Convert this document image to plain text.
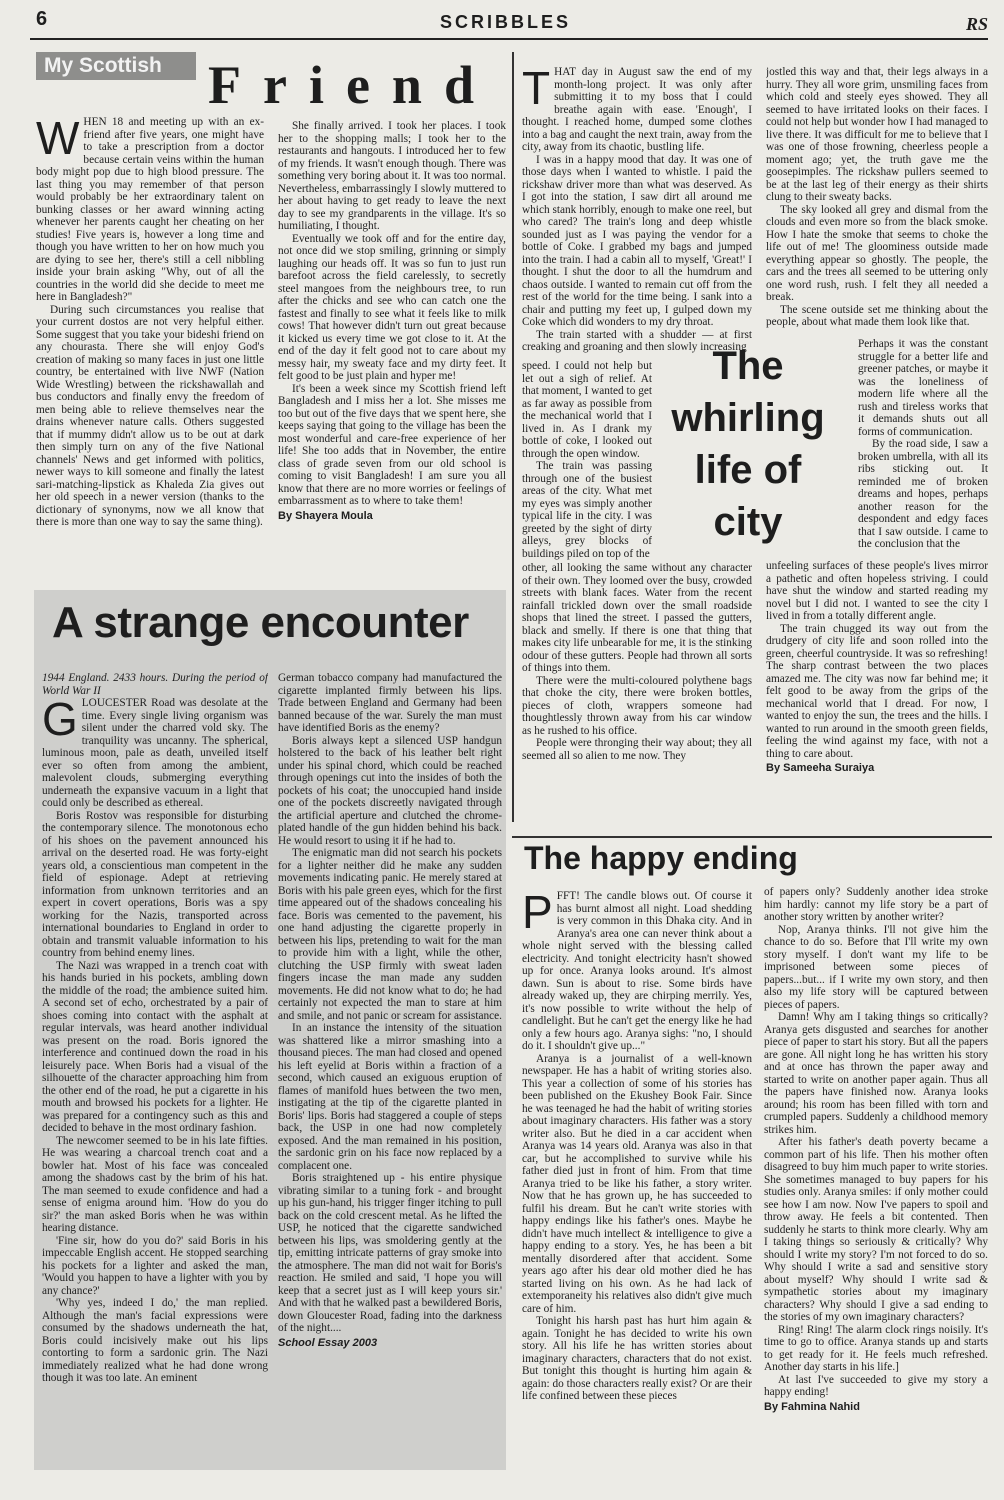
6	SCRIBBLES	RS
My Scottish Friend

WHEN 18 and meeting up with an ex-friend after five years, one might have to take a prescription from a doctor because certain veins within the human body might pop due to high blood pressure. The last thing you may remember of that person would probably be her extraordinary talent on bunking classes or her award winning acting whenever her parents caught her cheating on her studies! Five years is, however a long time and though you have written to her on how much you are dying to see her, there's still a cell nibbling inside your brain asking "Why, out of all the countries in the world did she decide to meet me here in Bangladesh?"

During such circumstances you realise that your current dostos are not very helpful either. Some suggest that you take your bideshi friend on any chourasta. There she will enjoy God's creation of making so many faces in just one little country, be entertained with live NWF (Nation Wide Wrestling) between the rickshawallah and bus conductors and finally envy the freedom of men being able to relieve themselves near the drains whenever nature calls. Others suggested that if mummy didn't allow us to be out at dark then simply turn on any of the five National channels' News and get informed with politics, newer ways to kill someone and finally the latest sari-matching-lipstick as Khaleda Zia gives out her old speech in a newer version (thanks to the dictionary of synonyms, now we all know that there is more than one way to say the same thing).

She finally arrived. I took her places. I took her to the shopping malls; I took her to the restaurants and hangouts. I introduced her to few of my friends. It wasn't enough though. There was something very boring about it. It was too normal. Nevertheless, embarrassingly I slowly muttered to her about having to get ready to leave the next day to see my grandparents in the village. It's so humiliating, I thought.

Eventually we took off and for the entire day, not once did we stop smiling, grinning or simply laughing our heads off. It was so fun to just run barefoot across the field carelessly, to secretly steel mangoes from the neighbours tree, to run after the chicks and see who can catch one the fastest and finally to see what it feels like to milk cows! That however didn't turn out great because it kicked us every time we got close to it. At the end of the day it felt good not to care about my messy hair, my sweaty face and my dirty feet. It felt good to be just plain and hyper me!

It's been a week since my Scottish friend left Bangladesh and I miss her a lot. She misses me too but out of the five days that we spent here, she keeps saying that going to the village has been the most wonderful and care-free experience of her life! She too adds that in November, the entire class of grade seven from our old school is coming to visit Bangladesh! I am sure you all know that there are no more worries or feelings of embarrassment as to where to take them!

By Shayera Moula

A strange encounter

1944 England. 2433 hours. During the period of World War II

GLOUCESTER Road was desolate at the time. Every single living organism was silent under the charred vold sky. The tranquility was uncanny. The spherical, luminous moon, pale as death, unveiled itself ever so often from among the ambient, malevolent clouds, submerging everything underneath the expansive vacuum in a light that could only be described as ethereal.

Boris Rostov was responsible for disturbing the contemporary silence. The monotonous echo of his shoes on the pavement announced his arrival on the deserted road. He was forty-eight years old, a conscientious man competent in the field of espionage. Adept at retrieving information from unknown territories and an expert in covert operations, Boris was a spy working for the Nazis, transported across international boundaries to England in order to obtain and transmit valuable information to his country from behind enemy lines.

The Nazi was wrapped in a trench coat with his hands buried in his pockets, ambling down the middle of the road; the ambience suited him. A second set of echo, orchestrated by a pair of shoes coming into contact with the asphalt at regular intervals, was heard another individual was present on the road. Boris ignored the interference and continued down the road in his leisurely pace. When Boris had a visual of the silhouette of the character approaching him from the other end of the road, he put a cigarette in his mouth and browsed his pockets for a lighter. He was prepared for a contingency such as this and decided to behave in the most ordinary fashion.

The newcomer seemed to be in his late fifties. He was wearing a charcoal trench coat and a bowler hat. Most of his face was concealed among the shadows cast by the brim of his hat. The man seemed to exude confidence and had a sense of enigma around him. 'How do you do sir?' the man asked Boris when he was within hearing distance.

'Fine sir, how do you do?' said Boris in his impeccable English accent. He stopped searching his pockets for a lighter and asked the man, 'Would you happen to have a lighter with you by any chance?'

'Why yes, indeed I do,' the man replied. Although the man's facial expressions were consumed by the shadows underneath the hat, Boris could incisively make out his lips contorting to form a sardonic grin. The Nazi immediately realized what he had done wrong though it was too late. An eminent

German tobacco company had manufactured the cigarette implanted firmly between his lips. Trade between England and Germany had been banned because of the war. Surely the man must have identified Boris as the enemy?

Boris always kept a silenced USP handgun holstered to the back of his leather belt right under his spinal chord, which could be reached through openings cut into the insides of both the pockets of his coat; the unoccupied hand inside one of the pockets discreetly navigated through the artificial aperture and clutched the chrome-plated handle of the gun hidden behind his back. He would resort to using it if he had to.

The enigmatic man did not search his pockets for a lighter neither did he make any sudden movements indicating panic. He merely stared at Boris with his pale green eyes, which for the first time appeared out of the shadows concealing his face. Boris was cemented to the pavement, his one hand adjusting the cigarette properly in between his lips, pretending to wait for the man to provide him with a light, while the other, clutching the USP firmly with sweat laden fingers incase the man made any sudden movements. He did not know what to do; he had certainly not expected the man to stare at him and smile, and not panic or scream for assistance.

In an instance the intensity of the situation was shattered like a mirror smashing into a thousand pieces. The man had closed and opened his left eyelid at Boris within a fraction of a second, which caused an exiguous eruption of flames of manifold hues between the two men, instigating at the tip of the cigarette planted in Boris' lips. Boris had staggered a couple of steps back, the USP in one had now completely exposed. And the man remained in his position, the sardonic grin on his face now replaced by a complacent one.

Boris straightened up - his entire physique vibrating similar to a tuning fork - and brought up his gun-hand, his trigger finger itching to pull back on the cold crescent metal. As he lifted the USP, he noticed that the cigarette sandwiched between his lips, was smoldering gently at the tip, emitting intricate patterns of gray smoke into the atmosphere. The man did not wait for Boris's reaction. He smiled and said, 'I hope you will keep that a secret just as I will keep yours sir.' And with that he walked past a bewildered Boris, down Gloucester Road, fading into the darkness of the night....

School Essay 2003

The
whirling
life of
city

THAT day in August saw the end of my month-long project. It was only after submitting it to my boss that I could breathe again with ease. 'Enough', I thought. I reached home, dumped some clothes into a bag and caught the next train, away from the city, away from its chaotic, bustling life.

I was in a happy mood that day. It was one of those days when I wanted to whistle. I paid the rickshaw driver more than what was deserved. As I got into the station, I saw dirt all around me which stank horribly, enough to make one reel, but who cared? The train's long and deep whistle sounded just as I was paying the vendor for a bottle of Coke. I grabbed my bags and jumped into the train. I had a cabin all to myself, 'Great!' I thought. I shut the door to all the humdrum and chaos outside. I wanted to remain cut off from the rest of the world for the time being. I sank into a chair and putting my feet up, I gulped down my Coke which did wonders to my dry throat.

The train started with a shudder — at first creaking and groaning and then slowly increasing

speed. I could not help but let out a sigh of relief. At that moment, I wanted to get as far away as possible from the mechanical world that I lived in. As I drank my bottle of coke, I looked out through the open window.

The train was passing through one of the busiest areas of the city. What met my eyes was simply another typical life in the city. I was greeted by the sight of dirty alleys, grey blocks of buildings piled on top of the

other, all looking the same without any character of their own. They loomed over the busy, crowded streets with blank faces. Water from the recent rainfall trickled down over the small roadside shops that lined the street. I passed the gutters, black and smelly. If there is one that thing that makes city life unbearable for me, it is the stinking odour of these gutters. People had thrown all sorts of things into them.

There were the multi-coloured polythene bags that choke the city, there were broken bottles, pieces of cloth, wrappers someone had thoughtlessly thrown away from his car window as he rushed to his office.

People were thronging their way about; they all seemed all so alien to me now. They

jostled this way and that, their legs always in a hurry. They all wore grim, unsmiling faces from which cold and steely eyes showed. They all seemed to have irritated looks on their faces. I could not help but wonder how I had managed to live there. It was difficult for me to believe that I was one of those frowning, cheerless people a moment ago; yet, the truth gave me the goosepimples. The rickshaw pullers seemed to be at the last leg of their energy as their shirts clung to their sweaty backs.

The sky looked all grey and dismal from the clouds and even more so from the black smoke. How I hate the smoke that seems to choke the life out of me! The gloominess outside made everything appear so ghostly. The people, the cars and the trees all seemed to be uttering only one word rush, rush. I felt they all needed a break.

The scene outside set me thinking about the people, about what made them look like that.

Perhaps it was the constant struggle for a better life and greener patches, or maybe it was the loneliness of modern life where all the rush and tireless works that it demands shuts out all forms of communication.

By the road side, I saw a broken umbrella, with all its ribs sticking out. It reminded me of broken dreams and hopes, perhaps another reason for the despondent and edgy faces that I saw outside. I came to the conclusion that the

unfeeling surfaces of these people's lives mirror a pathetic and often hopeless striving. I could have shut the window and started reading my novel but I did not. I wanted to see the city I lived in from a totally different angle.

The train chugged its way out from the drudgery of city life and soon rolled into the green, cheerful countryside. It was so refreshing! The sharp contrast between the two places amazed me. The city was now far behind me; it felt good to be away from the grips of the mechanical world that I dread. For now, I wanted to enjoy the sun, the trees and the hills. I wanted to run around in the smooth green fields, feeling the wind against my face, with not a thing to care about.

By Sameeha Suraiya

The happy ending

PFFT! The candle blows out. Of course it has burnt almost all night. Load shedding is very common in this Dhaka city. And in Aranya's area one can never think about a whole night served with the blessing called electricity. And tonight electricity hasn't showed up for once. Aranya looks around. It's almost dawn. Sun is about to rise. Some birds have already waked up, they are chirping merrily. Yes, it's now possible to write without the help of candlelight. But he can't get the energy like he had only a few hours ago. Aranya sighs: "no, I should do it. I shouldn't give up..."

Aranya is a journalist of a well-known newspaper. He has a habit of writing stories also. This year a collection of some of his stories has been published on the Ekushey Book Fair. Since he was teenaged he had the habit of writing stories about imaginary characters. His father was a story writer also. But he died in a car accident when Aranya was 14 years old. Aranya was also in that car, but he accomplished to survive while his father died just in front of him. From that time Aranya tried to be like his father, a story writer. Now that he has grown up, he has succeeded to fulfil his dream. But he can't write stories with happy endings like his father's ones. Maybe he didn't have much intellect & intelligence to give a happy ending to a story. Yes, he has been a bit mentally disordered after that accident. Some years ago after his dear old mother died he has started living on his own. As he had lack of extemporaneity his relatives also didn't give much care of him.

Tonight his harsh past has hurt him again & again. Tonight he has decided to write his own story. All his life he has written stories about imaginary characters, characters that do not exist. But tonight this thought is hurting him again & again: do those characters really exist? Or are their life confined between these pieces

of papers only? Suddenly another idea stroke him hardly: cannot my life story be a part of another story written by another writer?

Nop, Aranya thinks. I'll not give him the chance to do so. Before that I'll write my own story myself. I don't want my life to be imprisoned between some pieces of papers...but... if I write my own story, and then also my life story will be captured between pieces of papers.

Damn! Why am I taking things so critically? Aranya gets disgusted and searches for another piece of paper to start his story. But all the papers are gone. All night long he has written his story and at once has thrown the paper away and started to write on another paper again. Thus all the papers have finished now. Aranya looks around; his room has been filled with torn and crumpled papers. Suddenly a childhood memory strikes him.

After his father's death poverty became a common part of his life. Then his mother often disagreed to buy him much paper to write stories. She sometimes managed to buy papers for his studies only. Aranya smiles: if only mother could see how I am now. Now I've papers to spoil and throw away. He feels a bit contented. Then suddenly he starts to think more clearly. Why am I taking things so seriously & critically? Why should I write my story? I'm not forced to do so. Why should I write a sad and sensitive story about myself? Why should I write sad & sympathetic stories about my imaginary characters? Why should I give a sad ending to the stories of my own imaginary characters?

Ring! Ring! The alarm clock rings noisily. It's time to go to office. Aranya stands up and starts to get ready for it. He feels much refreshed. Another day starts in his life.]

At last I've succeeded to give my story a happy ending!

By Fahmina Nahid
